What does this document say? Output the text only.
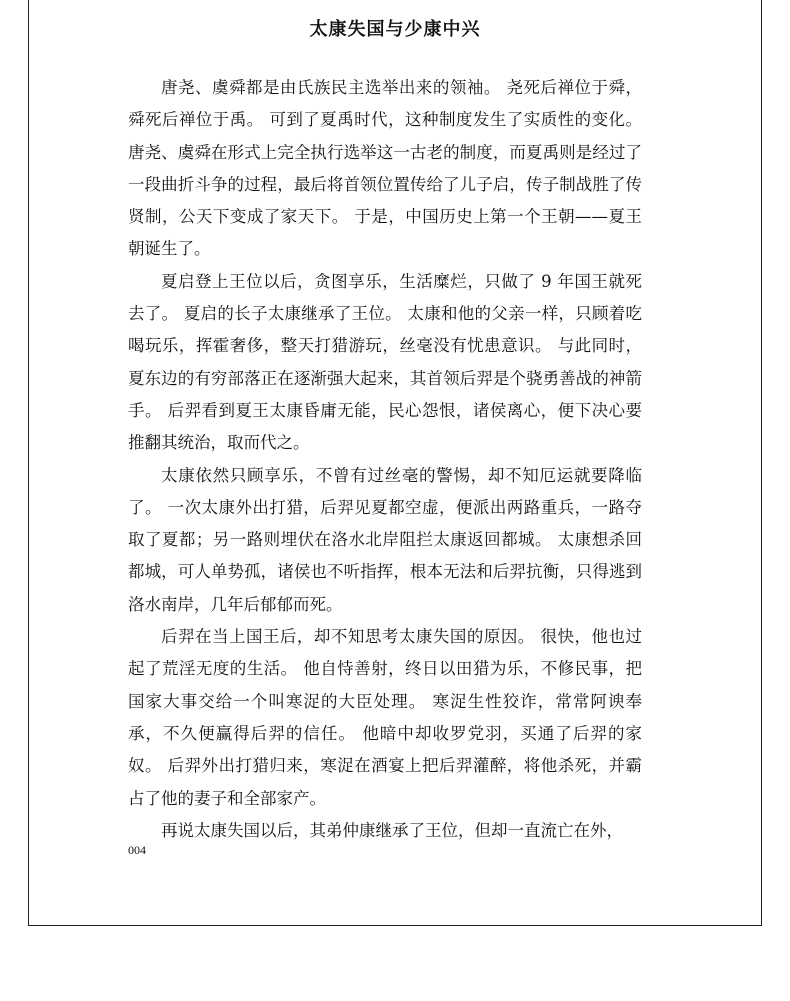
太康失国与少康中兴

唐尧、虞舜都是由氏族民主选举出来的领袖。 尧死后禅位于舜，舜死后禅位于禹。 可到了夏禹时代，这种制度发生了实质性的变化。唐尧、虞舜在形式上完全执行选举这一古老的制度，而夏禹则是经过了一段曲折斗争的过程，最后将首领位置传给了儿子启，传子制战胜了传贤制，公天下变成了家天下。 于是，中国历史上第一个王朝——夏王朝诞生了。

夏启登上王位以后，贪图享乐，生活糜烂，只做了 9 年国王就死去了。 夏启的长子太康继承了王位。 太康和他的父亲一样，只顾着吃喝玩乐，挥霍奢侈，整天打猎游玩，丝毫没有忧患意识。 与此同时，夏东边的有穷部落正在逐渐强大起来，其首领后羿是个骁勇善战的神箭手。 后羿看到夏王太康昏庸无能，民心怨恨，诸侯离心，便下决心要推翻其统治，取而代之。

太康依然只顾享乐，不曾有过丝毫的警惕，却不知厄运就要降临了。 一次太康外出打猎，后羿见夏都空虚，便派出两路重兵，一路夺取了夏都；另一路则埋伏在洛水北岸阻拦太康返回都城。 太康想杀回都城，可人单势孤，诸侯也不听指挥，根本无法和后羿抗衡，只得逃到洛水南岸，几年后郁郁而死。

后羿在当上国王后，却不知思考太康失国的原因。 很快，他也过起了荒淫无度的生活。 他自恃善射，终日以田猎为乐，不修民事，把国家大事交给一个叫寒浞的大臣处理。 寒浞生性狡诈，常常阿谀奉承，不久便赢得后羿的信任。 他暗中却收罗党羽，买通了后羿的家奴。 后羿外出打猎归来，寒浞在酒宴上把后羿灌醉，将他杀死，并霸占了他的妻子和全部家产。

再说太康失国以后，其弟仲康继承了王位，但却一直流亡在外，

004
